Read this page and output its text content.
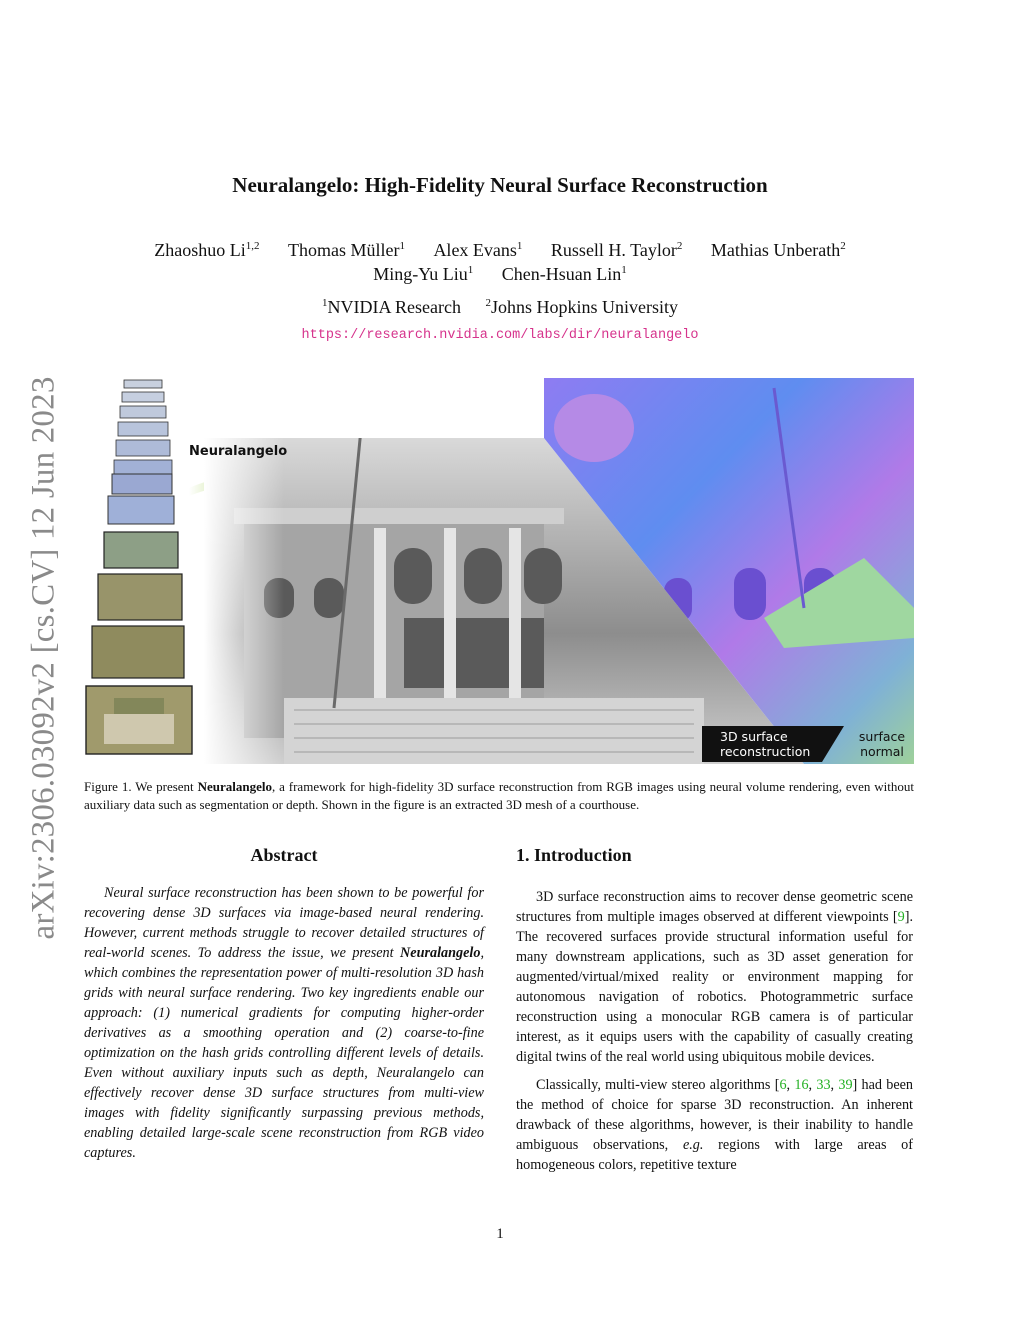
arXiv:2306.03092v2 [cs.CV] 12 Jun 2023
Neuralangelo: High-Fidelity Neural Surface Reconstruction
Zhaoshuo Li$^{1,2}$ Thomas Müller$^1$ Alex Evans$^1$ Russell H. Taylor$^2$ Mathias Unberath$^2$
Ming-Yu Liu$^1$ Chen-Hsuan Lin$^1$
$^1$NVIDIA Research $^2$Johns Hopkins University
https://research.nvidia.com/labs/dir/neuralangelo
Neuralangelo
3D surface
reconstruction
surface
normal
Figure 1. We present Neuralangelo, a framework for high-fidelity 3D surface reconstruction from RGB images using neural volume rendering, even without auxiliary data such as segmentation or depth. Shown in the figure is an extracted 3D mesh of a courthouse.
Abstract
Neural surface reconstruction has been shown to be powerful for recovering dense 3D surfaces via image-based neural rendering. However, current methods struggle to recover detailed structures of real-world scenes. To address the issue, we present Neuralangelo, which combines the representation power of multi-resolution 3D hash grids with neural surface rendering. Two key ingredients enable our approach: (1) numerical gradients for computing higher-order derivatives as a smoothing operation and (2) coarse-to-fine optimization on the hash grids controlling different levels of details. Even without auxiliary inputs such as depth, Neuralangelo can effectively recover dense 3D surface structures from multi-view images with fidelity significantly surpassing previous methods, enabling detailed large-scale scene reconstruction from RGB video captures.
1. Introduction

3D surface reconstruction aims to recover dense geometric scene structures from multiple images observed at different viewpoints [9]. The recovered surfaces provide structural information useful for many downstream applications, such as 3D asset generation for augmented/virtual/mixed reality or environment mapping for autonomous navigation of robotics. Photogrammetric surface reconstruction using a monocular RGB camera is of particular interest, as it equips users with the capability of casually creating digital twins of the real world using ubiquitous mobile devices.

Classically, multi-view stereo algorithms [6, 16, 33, 39] had been the method of choice for sparse 3D reconstruction. An inherent drawback of these algorithms, however, is their inability to handle ambiguous observations, e.g. regions with large areas of homogeneous colors, repetitive texture

1
